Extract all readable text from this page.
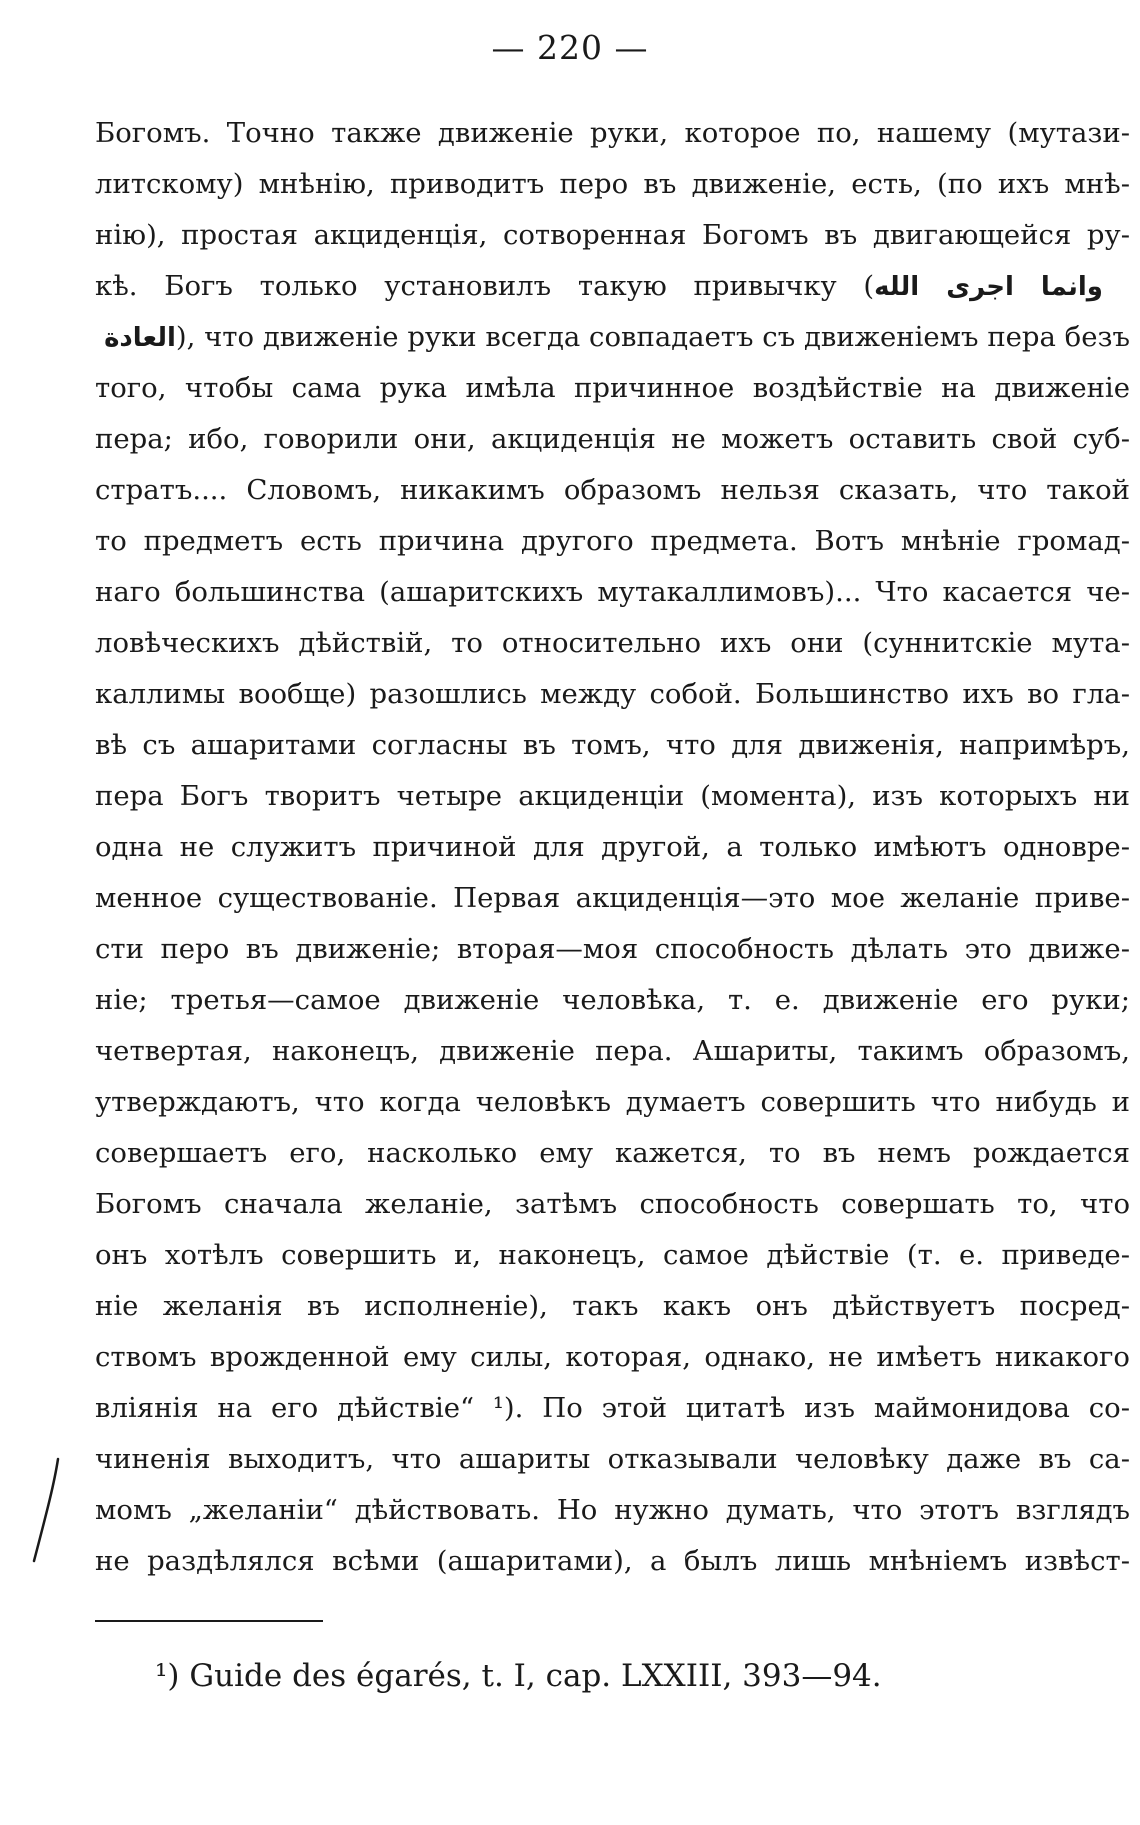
— 220 —
Богомъ. Точно также движеніе руки, которое по, нашему (мутази-
литскому) мнѣнію, приводитъ перо въ движеніе, есть, (по ихъ мнѣ-
нію), простая акциденція, сотворенная Богомъ въ двигающейся ру-
кѣ. Богъ только установилъ такую привычку ( وانما اجرى الله
العادة ), что движеніе руки всегда совпадаетъ съ движеніемъ пера безъ
того, чтобы сама рука имѣла причинное воздѣйствіе на движеніе
пера; ибо, говорили они, акциденція не можетъ оставить свой суб-
стратъ.... Словомъ, никакимъ образомъ нельзя сказать, что такой
то предметъ есть причина другого предмета. Вотъ мнѣніе громад-
наго большинства (ашаритскихъ мутакаллимовъ)... Что касается че-
ловѣческихъ дѣйствій, то относительно ихъ они (суннитскіе мута-
каллимы вообще) разошлись между собой. Большинство ихъ во гла-
вѣ съ ашаритами согласны въ томъ, что для движенія, напримѣръ,
пера Богъ творитъ четыре акциденціи (момента), изъ которыхъ ни
одна не служитъ причиной для другой, а только имѣютъ одновре-
менное существованіе. Первая акциденція—это мое желаніе приве-
сти перо въ движеніе; вторая—моя способность дѣлать это движе-
ніе; третья—самое движеніе человѣка, т. е. движеніе его руки;
четвертая, наконецъ, движеніе пера. Ашариты, такимъ образомъ,
утверждаютъ, что когда человѣкъ думаетъ совершить что нибудь и
совершаетъ его, насколько ему кажется, то въ немъ рождается
Богомъ сначала желаніе, затѣмъ способность совершать то, что
онъ хотѣлъ совершить и, наконецъ, самое дѣйствіе (т. е. приведе-
ніе желанія въ исполненіе), такъ какъ онъ дѣйствуетъ посред-
ствомъ врожденной ему силы, которая, однако, не имѣетъ никакого
вліянія на его дѣйствіе“ ¹). По этой цитатѣ изъ маймонидова со-
чиненія выходитъ, что ашариты отказывали человѣку даже въ са-
момъ „желаніи“ дѣйствовать. Но нужно думать, что этотъ взглядъ
не раздѣлялся всѣми (ашаритами), а былъ лишь мнѣніемъ извѣст-
¹) Guide des égarés, t. I, cap. LXXIII, 393—94.
